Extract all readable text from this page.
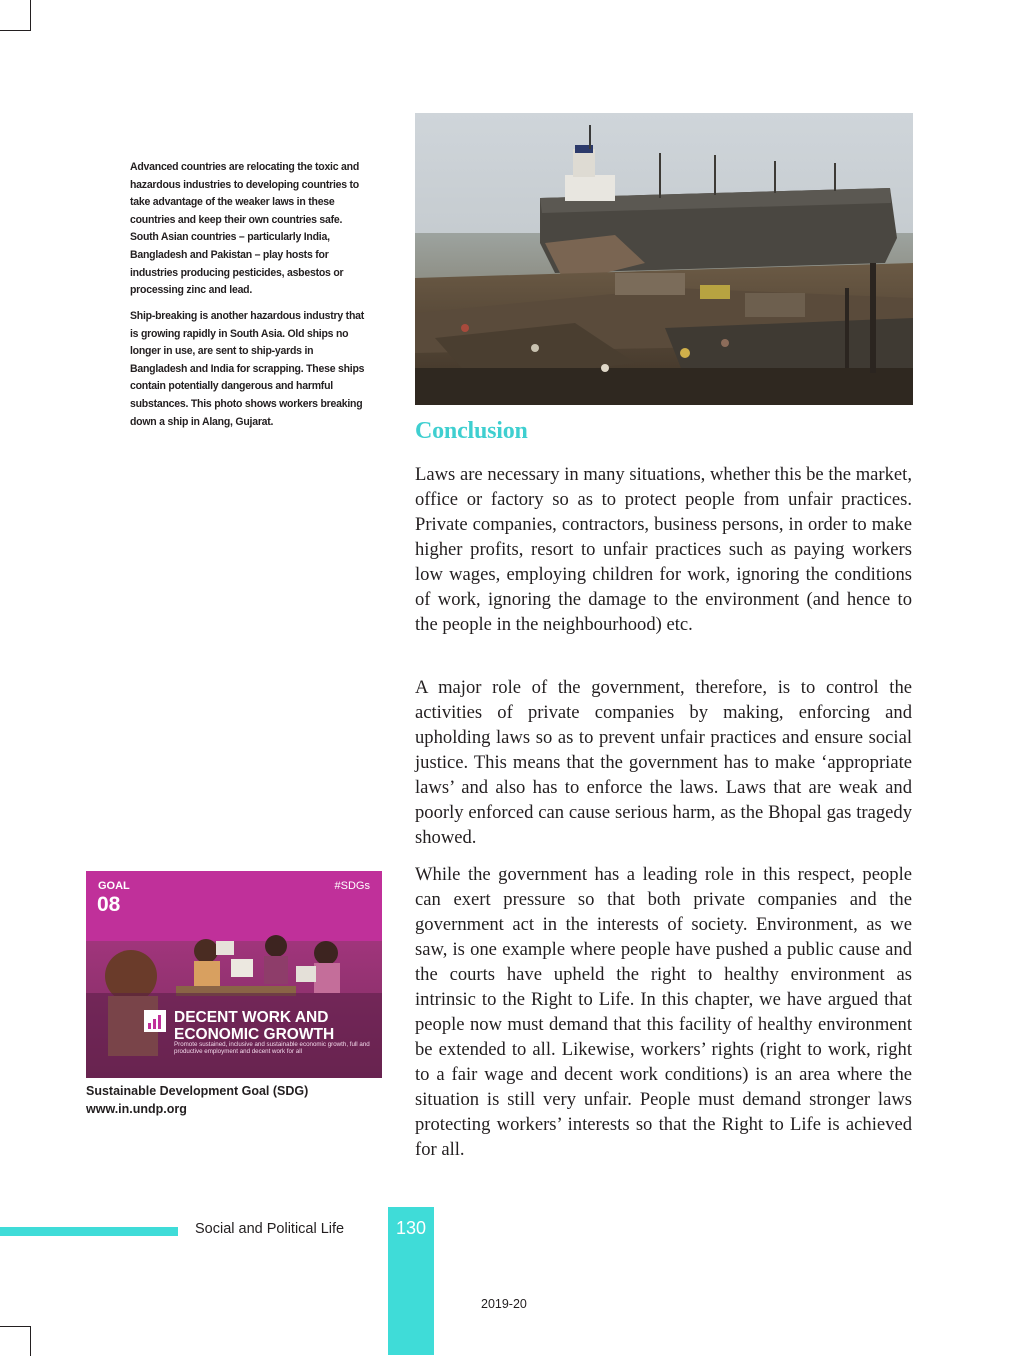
Advanced countries are relocating the toxic and hazardous industries to developing countries to take advantage of the weaker laws in these countries and keep their own countries safe. South Asian countries – particularly India, Bangladesh and Pakistan – play hosts for industries producing pesticides, asbestos or processing zinc and lead.
Ship-breaking is another hazardous industry that is growing rapidly in South Asia. Old ships no longer in use, are sent to ship-yards in Bangladesh and India for scrapping. These ships contain potentially dangerous and harmful substances. This photo shows workers breaking down a ship in Alang, Gujarat.
GOAL
08
#SDGs
DECENT WORK AND
ECONOMIC GROWTH
Promote sustained, inclusive and sustainable economic growth, full and productive employment and decent work for all
Sustainable Development Goal (SDG)
www.in.undp.org
Conclusion

Laws are necessary in many situations, whether this be the market, office or factory so as to protect people from unfair practices. Private companies, contractors, business persons, in order to make higher profits, resort to unfair practices such as paying workers low wages, employing children for work, ignoring the conditions of work, ignoring the damage to the environment (and hence to the people in the neighbourhood) etc.

A major role of the government, therefore, is to control the activities of private companies by making, enforcing and upholding laws so as to prevent unfair practices and ensure social justice. This means that the government has to make ‘appropriate laws’ and also has to enforce the laws. Laws that are weak and poorly enforced can cause serious harm, as the Bhopal gas tragedy showed.

While the government has a leading role in this respect, people can exert pressure so that both private companies and the government act in the interests of society. Environment, as we saw, is one example where people have pushed a public cause and the courts have upheld the right to healthy environment as intrinsic to the Right to Life. In this chapter, we have argued that people now must demand that this facility of healthy environment be extended to all. Likewise, workers’ rights (right to work, right to a fair wage and decent work conditions) is an area where the situation is still very unfair. People must demand stronger laws protecting workers’ interests so that the Right to Life is achieved for all.

Social and Political Life	130
2019-20
